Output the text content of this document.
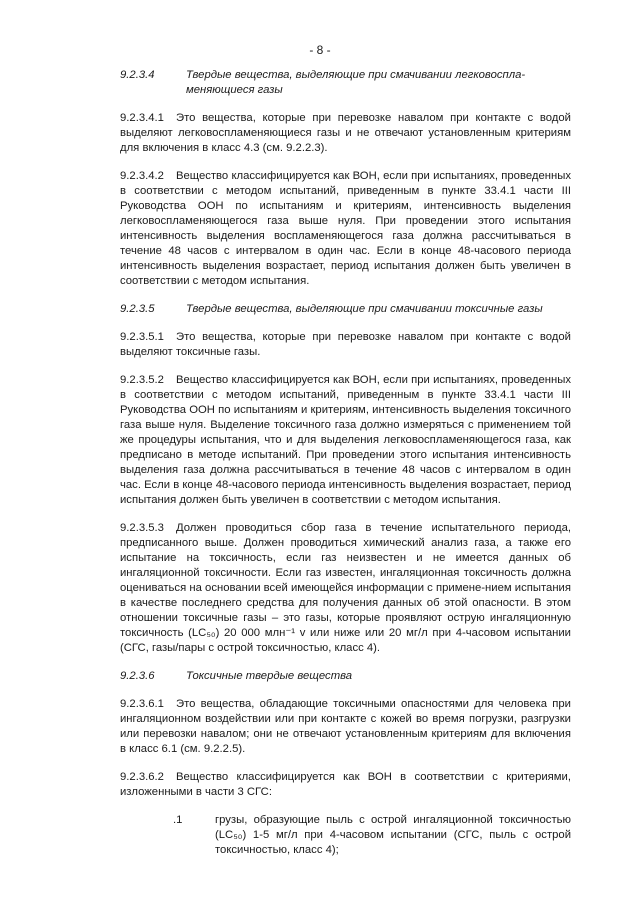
- 8 -
9.2.3.4	Твердые вещества, выделяющие при смачивании легковоспла-меняющиеся газы
9.2.3.4.1 Это вещества, которые при перевозке навалом при контакте с водой выделяют легковоспламеняющиеся газы и не отвечают установленным критериям для включения в класс 4.3 (см. 9.2.2.3).
9.2.3.4.2 Вещество классифицируется как ВОН, если при испытаниях, проведенных в соответствии с методом испытаний, приведенным в пункте 33.4.1 части III Руководства ООН по испытаниям и критериям, интенсивность выделения легковоспламеняющегося газа выше нуля. При проведении этого испытания интенсивность выделения воспламеняющегося газа должна рассчитываться в течение 48 часов с интервалом в один час. Если в конце 48-часового периода интенсивность выделения возрастает, период испытания должен быть увеличен в соответствии с методом испытания.
9.2.3.5	Твердые вещества, выделяющие при смачивании токсичные газы
9.2.3.5.1 Это вещества, которые при перевозке навалом при контакте с водой выделяют токсичные газы.
9.2.3.5.2 Вещество классифицируется как ВОН, если при испытаниях, проведенных в соответствии с методом испытаний, приведенным в пункте 33.4.1 части III Руководства ООН по испытаниям и критериям, интенсивность выделения токсичного газа выше нуля. Выделение токсичного газа должно измеряться с применением той же процедуры испытания, что и для выделения легковоспламеняющегося газа, как предписано в методе испытаний. При проведении этого испытания интенсивность выделения газа должна рассчитываться в течение 48 часов с интервалом в один час. Если в конце 48-часового периода интенсивность выделения возрастает, период испытания должен быть увеличен в соответствии с методом испытания.
9.2.3.5.3 Должен проводиться сбор газа в течение испытательного периода, предписанного выше. Должен проводиться химический анализ газа, а также его испытание на токсичность, если газ неизвестен и не имеется данных об ингаляционной токсичности. Если газ известен, ингаляционная токсичность должна оцениваться на основании всей имеющейся информации с примене-нием испытания в качестве последнего средства для получения данных об этой опасности. В этом отношении токсичные газы – это газы, которые проявляют острую ингаляционную токсичность (LC₅₀) 20 000 млн⁻¹ v или ниже или 20 мг/л при 4-часовом испытании (СГС, газы/пары с острой токсичностью, класс 4).
9.2.3.6	Токсичные твердые вещества
9.2.3.6.1 Это вещества, обладающие токсичными опасностями для человека при ингаляционном воздействии или при контакте с кожей во время погрузки, разгрузки или перевозки навалом; они не отвечают установленным критериям для включения в класс 6.1 (см. 9.2.2.5).
9.2.3.6.2 Вещество классифицируется как ВОН в соответствии с критериями, изложенными в части 3 СГС:
.1	грузы, образующие пыль с острой ингаляционной токсичностью (LC₅₀) 1-5 мг/л при 4-часовом испытании (СГС, пыль с острой токсичностью, класс 4);
